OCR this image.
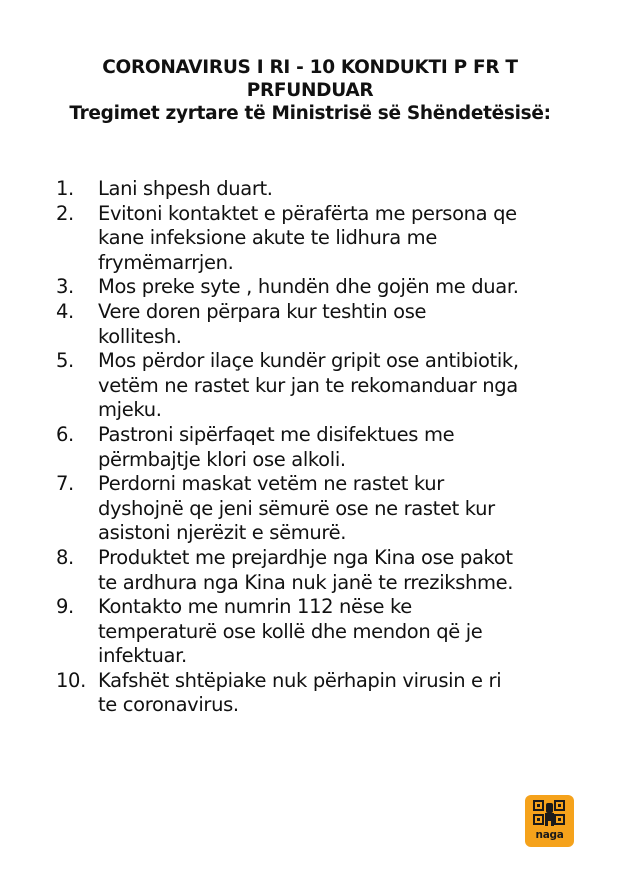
CORONAVIRUS I RI - 10 KONDUKTI P FR T

PRFUNDUAR

Tregimet zyrtare të Ministrisë së Shëndetësisë:

1.	Lani shpesh duart.
2.	Evitoni kontaktet e përafërta me persona qe
kane infeksione akute te lidhura me
frymëmarrjen.
3.	Mos preke syte , hundën dhe gojën me duar.
4.	Vere doren përpara kur teshtin ose
kollitesh.
5.	Mos përdor ilaçe kundër gripit ose antibiotik,
vetëm ne rastet kur jan te rekomanduar nga
mjeku.
6.	Pastroni sipërfaqet me disifektues me
përmbajtje klori ose alkoli.
7.	Perdorni maskat vetëm ne rastet kur
dyshojnë qe jeni sëmurë ose ne rastet kur
asistoni njerëzit e sëmurë.
8.	Produktet me prejardhje nga Kina ose pakot
te ardhura nga Kina nuk janë te rrezikshme.
9.	Kontakto me numrin 112 nëse ke
temperaturë ose kollë dhe mendon që je
infektuar.
10. Kafshët shtëpiake nuk përhapin virusin e ri
te coronavirus.
naga
